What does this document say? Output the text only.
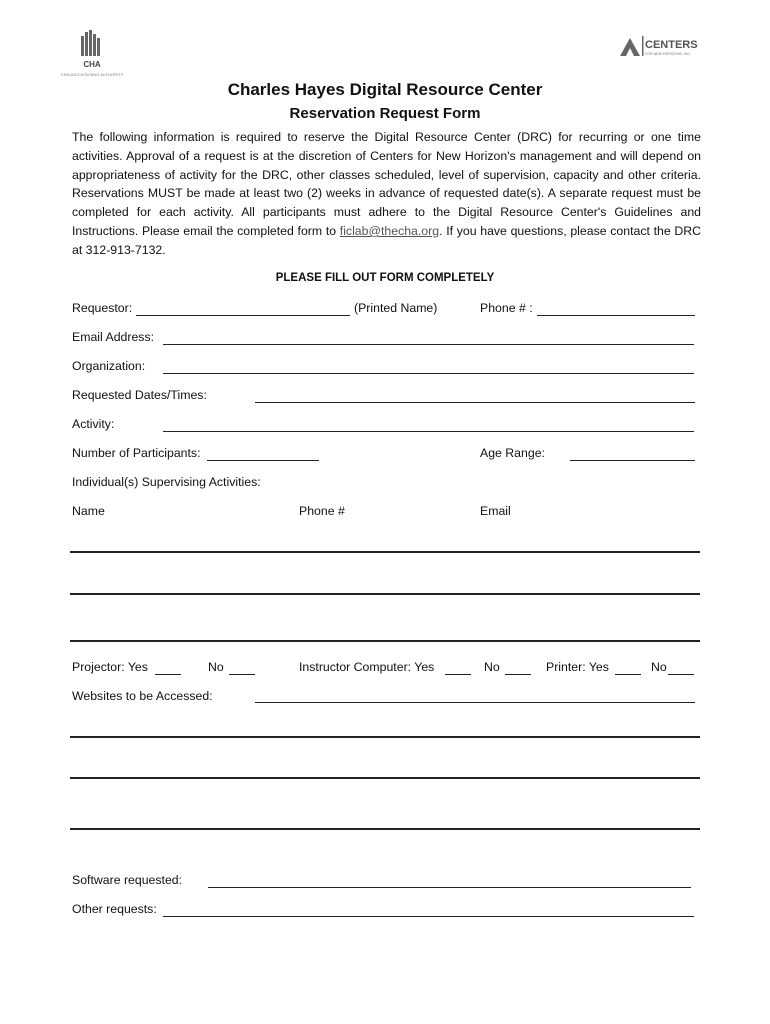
CHA
CHICAGO HOUSING AUTHORITY
CENTERS
FOR NEW HORIZONS, INC.
Charles Hayes Digital Resource Center
Reservation Request Form
The following information is required to reserve the Digital Resource Center (DRC) for recurring or one time activities. Approval of a request is at the discretion of Centers for New Horizon's management and will depend on appropriateness of activity for the DRC, other classes scheduled, level of supervision, capacity and other criteria. Reservations MUST be made at least two (2) weeks in advance of requested date(s). A separate request must be completed for each activity. All participants must adhere to the Digital Resource Center's Guidelines and Instructions. Please email the completed form to ficlab@thecha.org. If you have questions, please contact the DRC at 312-913-7132.
PLEASE FILL OUT FORM COMPLETELY
Requestor:	(Printed Name)	Phone # :
Email Address:
Organization:
Requested Dates/Times:
Activity:
Number of Participants:	Age Range:
Individual(s) Supervising Activities:
Name	Phone #	Email
Projector: Yes	No	Instructor Computer: Yes	No	Printer: Yes	No
Websites to be Accessed:
Software requested:
Other requests:
